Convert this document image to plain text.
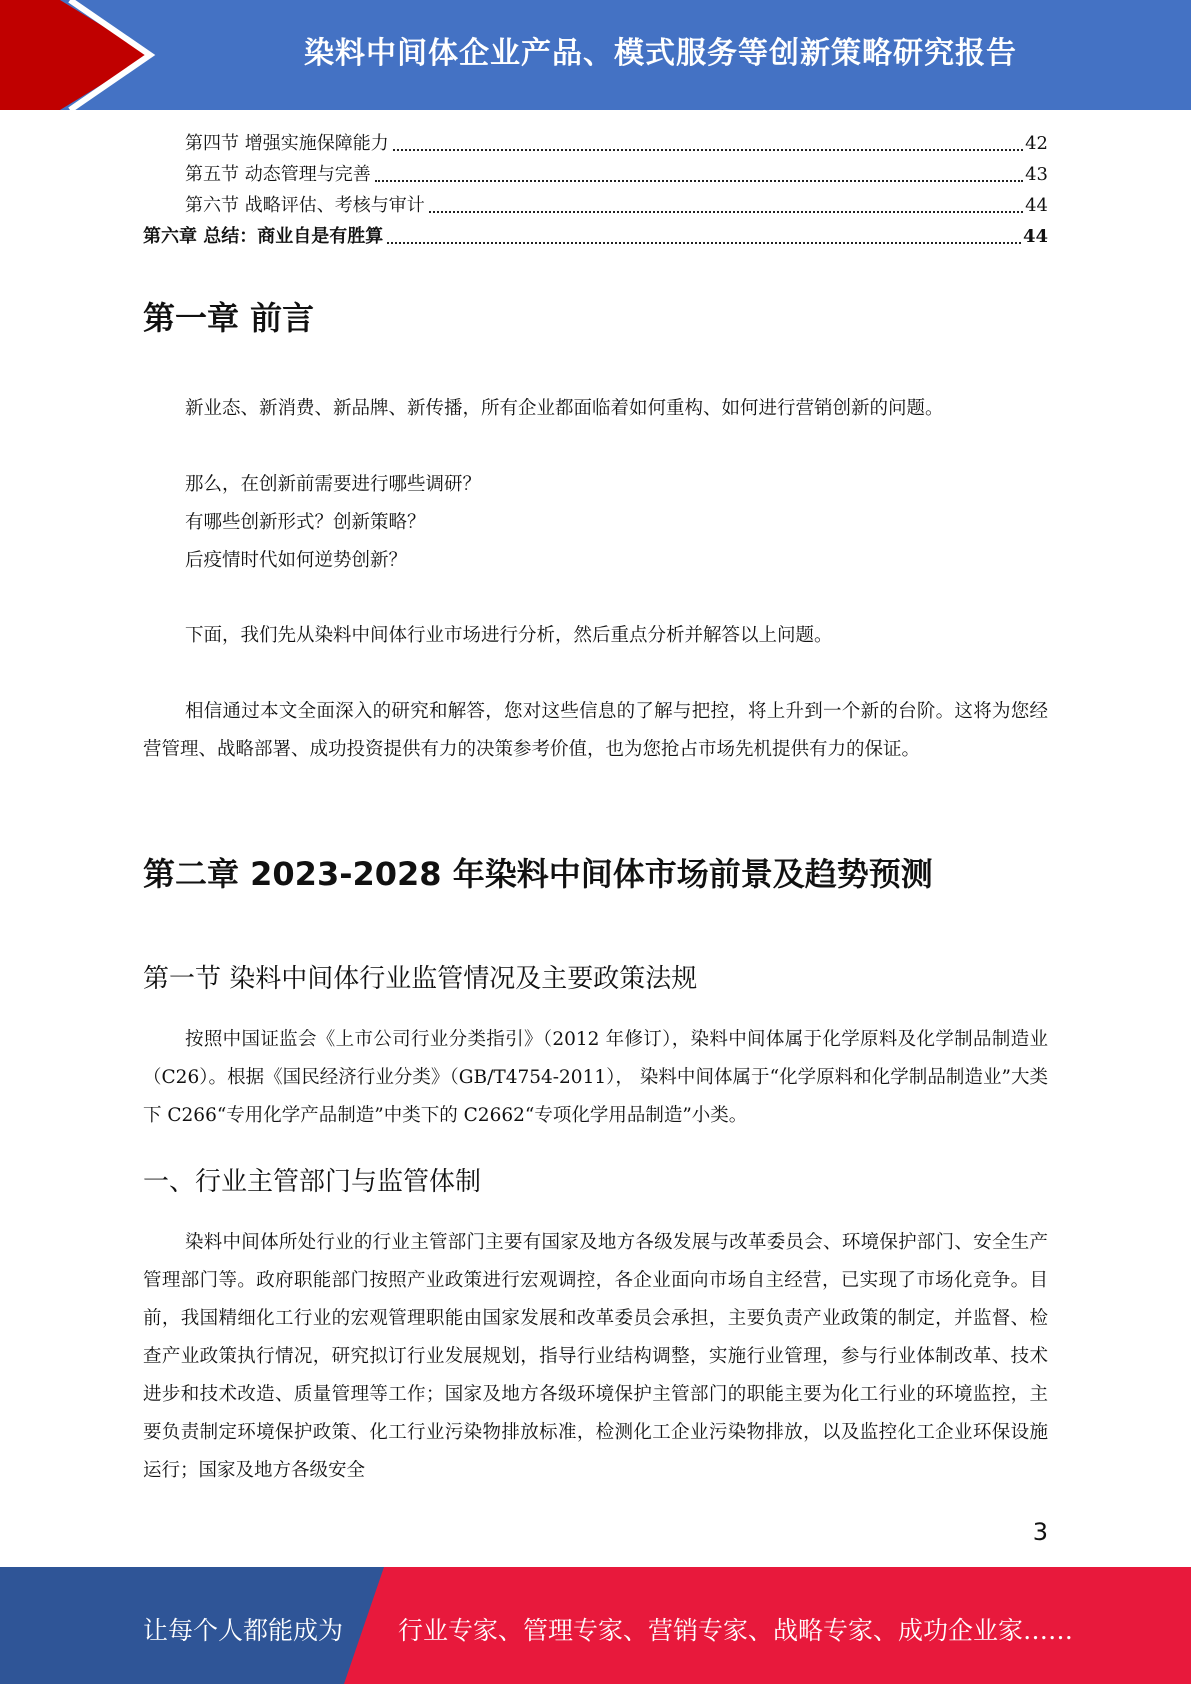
染料中间体企业产品、模式服务等创新策略研究报告
第四节 增强实施保障能力	42
第五节 动态管理与完善	43
第六节 战略评估、考核与审计	44
第六章 总结：商业自是有胜算	44
第一章 前言

新业态、新消费、新品牌、新传播，所有企业都面临着如何重构、如何进行营销创新的问题。

那么，在创新前需要进行哪些调研？
有哪些创新形式？创新策略？
后疫情时代如何逆势创新？

下面，我们先从染料中间体行业市场进行分析，然后重点分析并解答以上问题。

相信通过本文全面深入的研究和解答，您对这些信息的了解与把控，将上升到一个新的台阶。这将为您经营管理、战略部署、成功投资提供有力的决策参考价值，也为您抢占市场先机提供有力的保证。

第二章 2023-2028 年染料中间体市场前景及趋势预测
第一节 染料中间体行业监管情况及主要政策法规

按照中国证监会《上市公司行业分类指引》（2012 年修订），染料中间体属于化学原料及化学制品制造业（C26）。根据《国民经济行业分类》（GB/T4754-2011）， 染料中间体属于“化学原料和化学制品制造业”大类下 C266“专用化学产品制造”中类下的 C2662“专项化学用品制造”小类。

一、行业主管部门与监管体制

染料中间体所处行业的行业主管部门主要有国家及地方各级发展与改革委员会、环境保护部门、安全生产管理部门等。政府职能部门按照产业政策进行宏观调控，各企业面向市场自主经营，已实现了市场化竞争。目前，我国精细化工行业的宏观管理职能由国家发展和改革委员会承担，主要负责产业政策的制定，并监督、检查产业政策执行情况，研究拟订行业发展规划，指导行业结构调整，实施行业管理，参与行业体制改革、技术进步和技术改造、质量管理等工作；国家及地方各级环境保护主管部门的职能主要为化工行业的环境监控，主要负责制定环境保护政策、化工行业污染物排放标准，检测化工企业污染物排放，以及监控化工企业环保设施运行；国家及地方各级安全

3
让每个人都能成为 行业专家、管理专家、营销专家、战略专家、成功企业家……
